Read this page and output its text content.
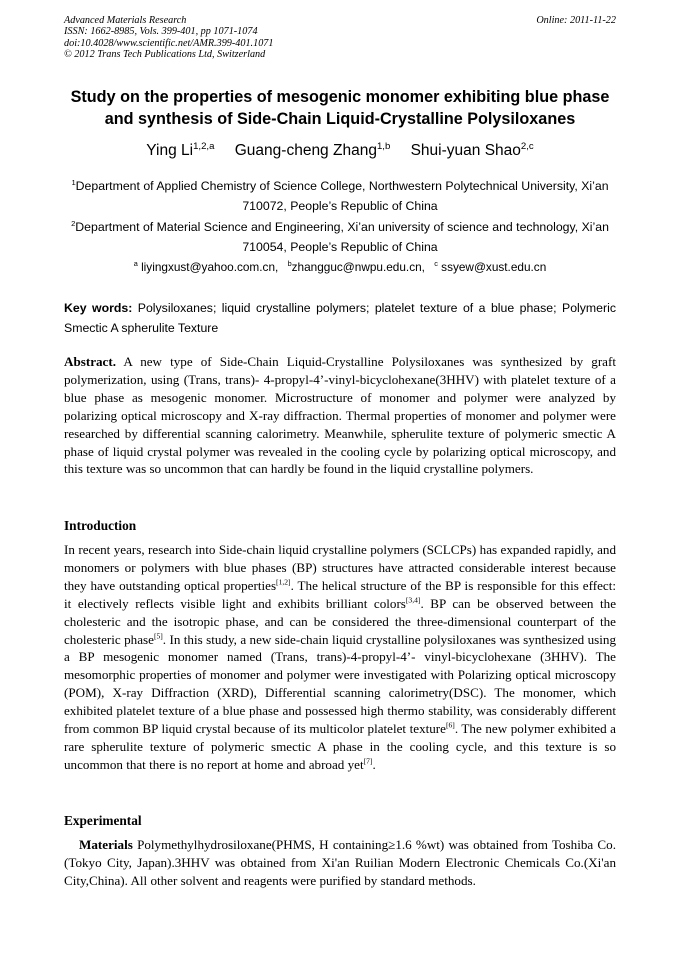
Advanced Materials Research
ISSN: 1662-8985, Vols. 399-401, pp 1071-1074
doi:10.4028/www.scientific.net/AMR.399-401.1071
© 2012 Trans Tech Publications Ltd, Switzerland
Online: 2011-11-22
Study on the properties of mesogenic monomer exhibiting blue phase
and synthesis of Side-Chain Liquid-Crystalline Polysiloxanes
Ying Li$^{1,2,a}$ Guang-cheng Zhang$^{1,b}$ Shui-yuan Shao$^{2,c}$
$^1$Department of Applied Chemistry of Science College, Northwestern Polytechnical University, Xi’an 710072, People’s Republic of China
$^2$Department of Material Science and Engineering, Xi’an university of science and technology, Xi’an 710054, People’s Republic of China
$^a$ liyingxust@yahoo.com.cn, $^b$zhangguc@nwpu.edu.cn, $^c$ ssyew@xust.edu.cn
Key words: Polysiloxanes; liquid crystalline polymers; platelet texture of a blue phase; Polymeric Smectic A spherulite Texture
Abstract. A new type of Side-Chain Liquid-Crystalline Polysiloxanes was synthesized by graft polymerization, using (Trans, trans)- 4-propyl-4’-vinyl-bicyclohexane(3HHV) with platelet texture of a blue phase as mesogenic monomer. Microstructure of monomer and polymer were analyzed by polarizing optical microscopy and X-ray diffraction. Thermal properties of monomer and polymer were researched by differential scanning calorimetry. Meanwhile, spherulite texture of polymeric smectic A phase of liquid crystal polymer was revealed in the cooling cycle by polarizing optical microscopy, and this texture was so uncommon that can hardly be found in the liquid crystalline polymers.
Introduction
In recent years, research into Side-chain liquid crystalline polymers (SCLCPs) has expanded rapidly, and monomers or polymers with blue phases (BP) structures have attracted considerable interest because they have outstanding optical properties[1,2]. The helical structure of the BP is responsible for this effect: it electively reflects visible light and exhibits brilliant colors[3,4]. BP can be observed between the cholesteric and the isotropic phase, and can be considered the three-dimensional counterpart of the cholesteric phase[5]. In this study, a new side-chain liquid crystalline polysiloxanes was synthesized using a BP mesogenic monomer named (Trans, trans)-4-propyl-4’- vinyl-bicyclohexane (3HHV). The mesomorphic properties of monomer and polymer were investigated with Polarizing optical microscopy (POM), X-ray Diffraction (XRD), Differential scanning calorimetry(DSC). The monomer, which exhibited platelet texture of a blue phase and possessed high thermo stability, was considerably different from common BP liquid crystal because of its multicolor platelet texture[6]. The new polymer exhibited a rare spherulite texture of polymeric smectic A phase in the cooling cycle, and this texture is so uncommon that there is no report at home and abroad yet[7].
Experimental
Materials Polymethylhydrosiloxane(PHMS, H containing≥1.6 %wt) was obtained from Toshiba Co.(Tokyo City, Japan).3HHV was obtained from Xi'an Ruilian Modern Electronic Chemicals Co.(Xi'an City,China). All other solvent and reagents were purified by standard methods.
